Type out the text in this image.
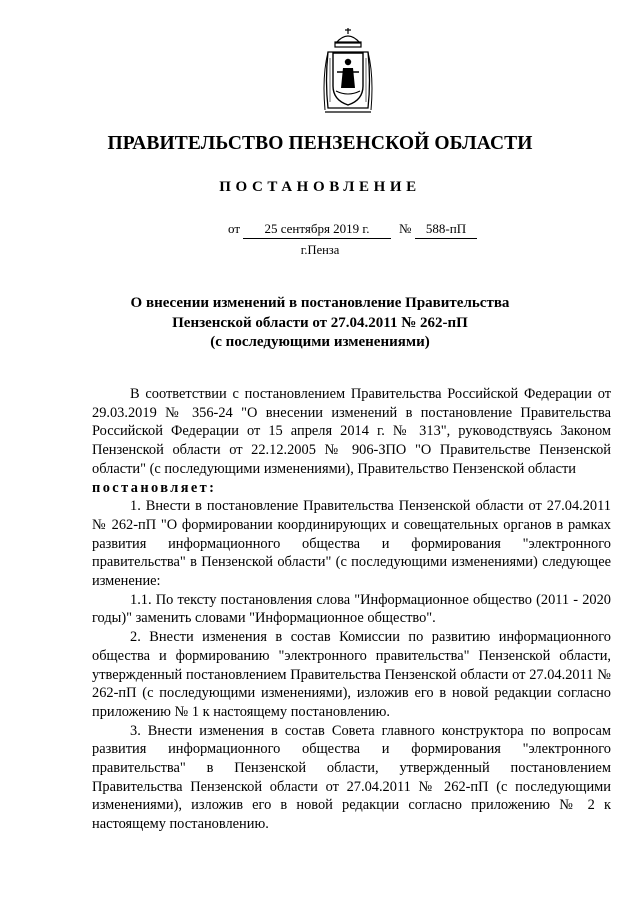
ПРАВИТЕЛЬСТВО ПЕНЗЕНСКОЙ ОБЛАСТИ
ПОСТАНОВЛЕНИЕ
от	25 сентября 2019 г.	№	588-пП
г.Пенза
О внесении изменений в постановление Правительства
Пензенской области от 27.04.2011 № 262-пП
(с последующими изменениями)

В соответствии с постановлением Правительства Российской Федерации от 29.03.2019 № 356-24 "О внесении изменений в постановление Правительства Российской Федерации от 15 апреля 2014 г. № 313", руководствуясь Законом Пензенской области от 22.12.2005 № 906-ЗПО "О Правительстве Пензенской области" (с последующими изменениями), Правительство Пензенской области

постановляет:

1. Внести в постановление Правительства Пензенской области от 27.04.2011 № 262-пП "О формировании координирующих и совещательных органов в рамках развития информационного общества и формирования "электронного правительства" в Пензенской области" (с последующими изменениями) следующее изменение:

1.1. По тексту постановления слова "Информационное общество (2011 - 2020 годы)" заменить словами "Информационное общество".

2. Внести изменения в состав Комиссии по развитию информационного общества и формированию "электронного правительства" Пензенской области, утвержденный постановлением Правительства Пензенской области от 27.04.2011 № 262-пП (с последующими изменениями), изложив его в новой редакции согласно приложению № 1 к настоящему постановлению.

3. Внести изменения в состав Совета главного конструктора по вопросам развития информационного общества и формирования "электронного правительства" в Пензенской области, утвержденный постановлением Правительства Пензенской области от 27.04.2011 № 262-пП (с последующими изменениями), изложив его в новой редакции согласно приложению № 2 к настоящему постановлению.
